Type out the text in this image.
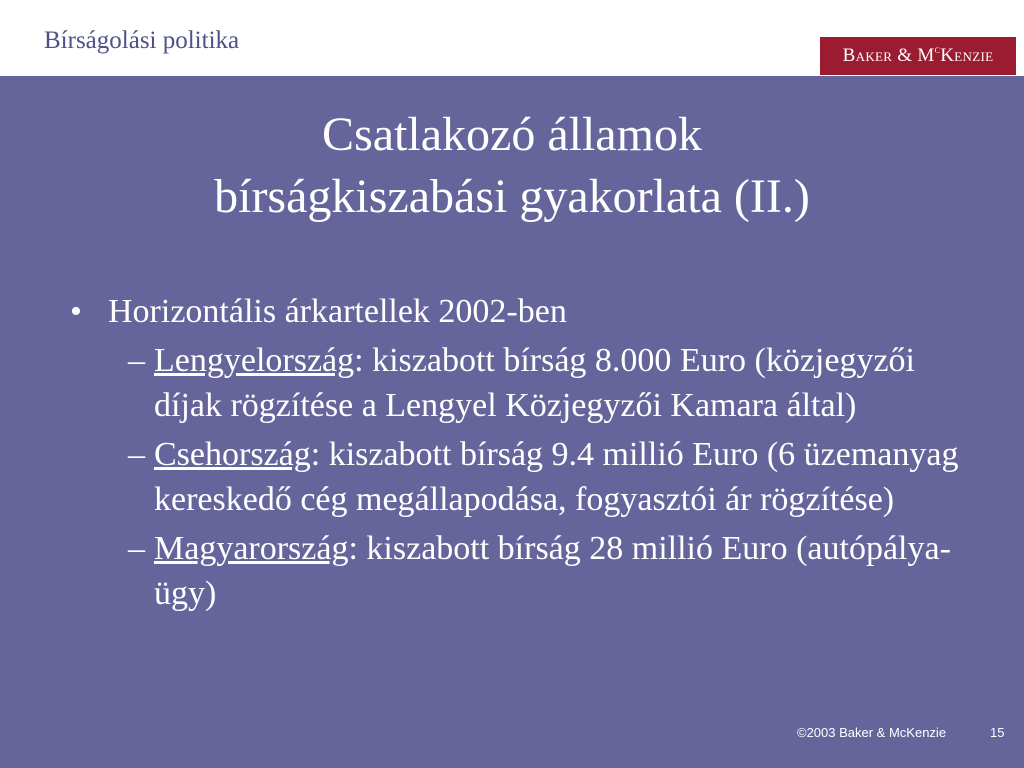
Bírságolási politika
Baker & $M^cKenzie$
Csatlakozó államok
bírságkiszabási gyakorlata (II.)
• Horizontális árkartellek 2002-ben
– Lengyelország: kiszabott bírság 8.000 Euro (közjegyzői díjak rögzítése a Lengyel Közjegyzői Kamara által)
– Csehország: kiszabott bírság 9.4 millió Euro (6 üzemanyag kereskedő cég megállapodása, fogyasztói ár rögzítése)
– Magyarország: kiszabott bírság 28 millió Euro (autópálya-ügy)
©2003 Baker & McKenzie	15
